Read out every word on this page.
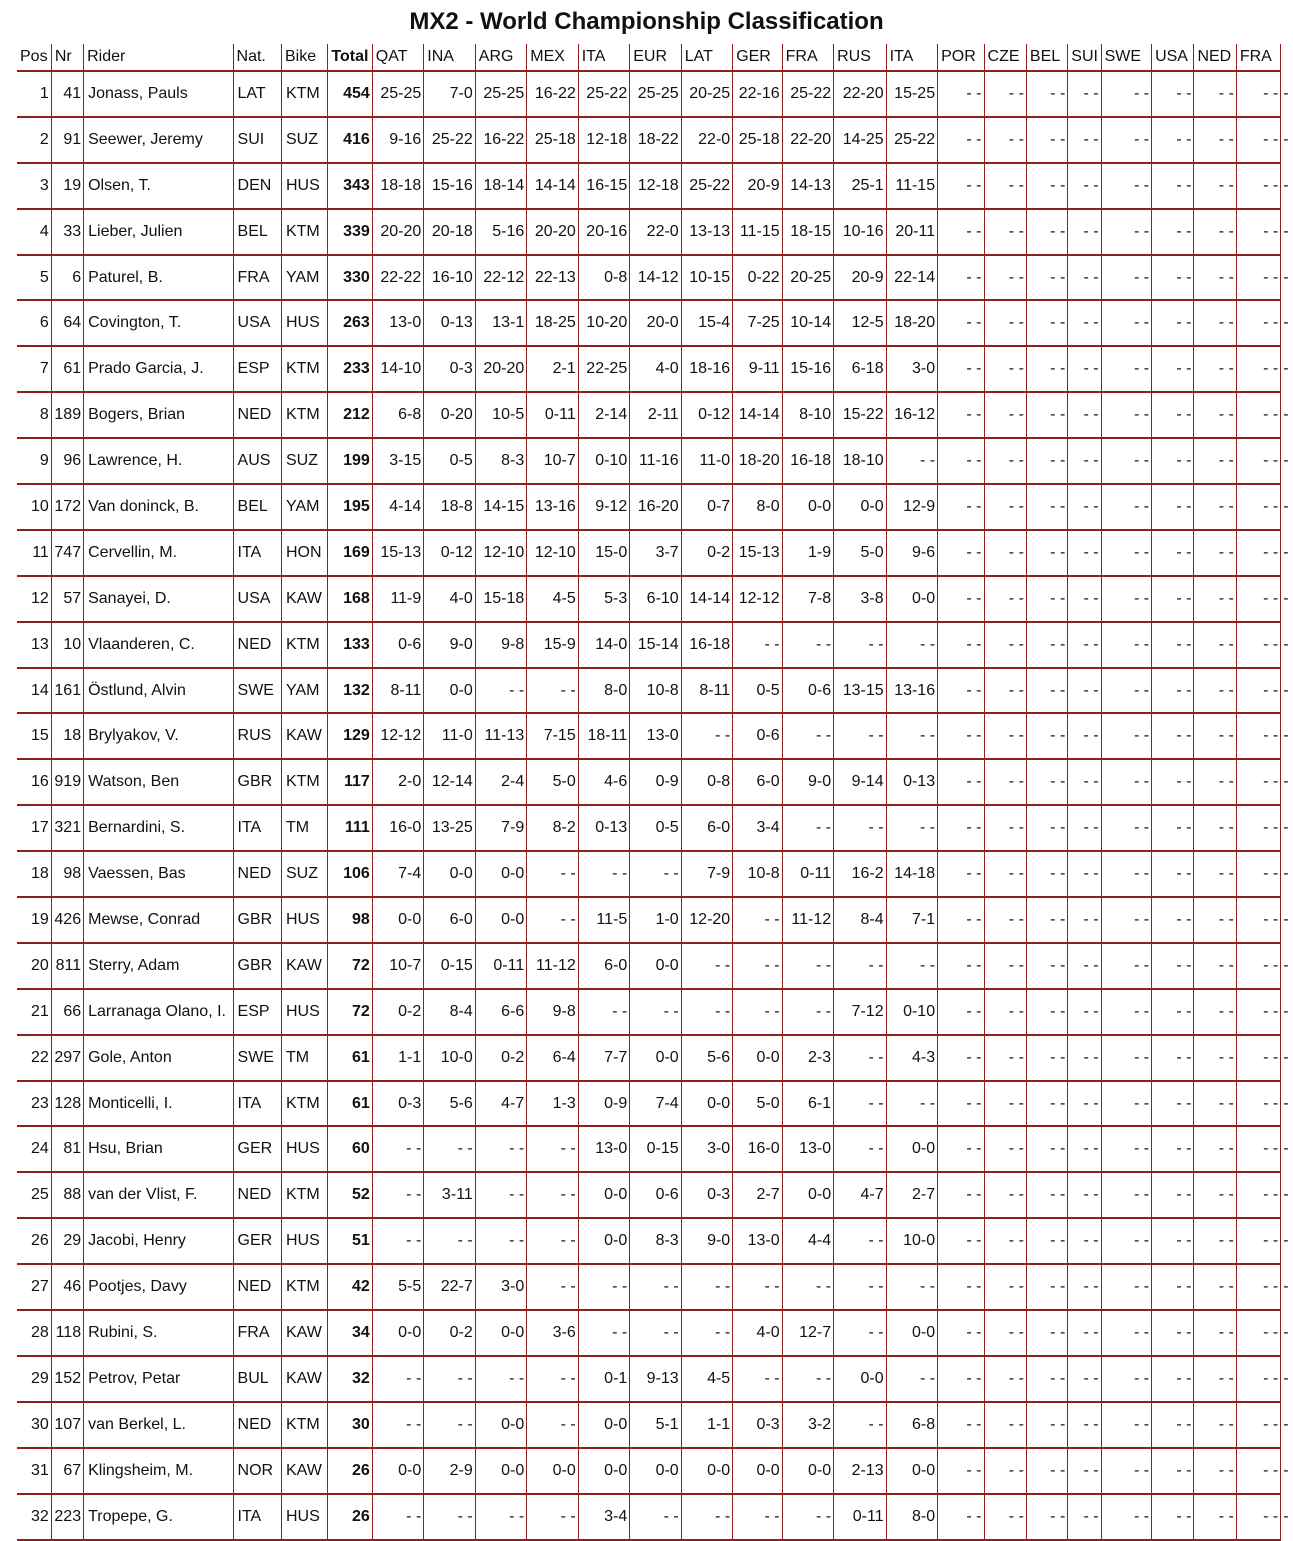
MX2 - World Championship Classification
Pos	Nr	Rider	Nat.	Bike	Total	QAT	INA	ARG	MEX	ITA	EUR	LAT	GER	FRA	RUS	ITA	POR	CZE	BEL	SUI	SWE	USA	NED	FRA	
1	41	Jonass, Pauls	LAT	KTM	454	25-25	7-0	25-25	16-22	25-22	25-25	20-25	22-16	25-22	22-20	15-25	- -	- -	- -	- -	- -	- -	- -	- -	-
2	91	Seewer, Jeremy	SUI	SUZ	416	9-16	25-22	16-22	25-18	12-18	18-22	22-0	25-18	22-20	14-25	25-22	- -	- -	- -	- -	- -	- -	- -	- -	-
3	19	Olsen, T.	DEN	HUS	343	18-18	15-16	18-14	14-14	16-15	12-18	25-22	20-9	14-13	25-1	11-15	- -	- -	- -	- -	- -	- -	- -	- -	-
4	33	Lieber, Julien	BEL	KTM	339	20-20	20-18	5-16	20-20	20-16	22-0	13-13	11-15	18-15	10-16	20-11	- -	- -	- -	- -	- -	- -	- -	- -	-
5	6	Paturel, B.	FRA	YAM	330	22-22	16-10	22-12	22-13	0-8	14-12	10-15	0-22	20-25	20-9	22-14	- -	- -	- -	- -	- -	- -	- -	- -	-
6	64	Covington, T.	USA	HUS	263	13-0	0-13	13-1	18-25	10-20	20-0	15-4	7-25	10-14	12-5	18-20	- -	- -	- -	- -	- -	- -	- -	- -	-
7	61	Prado Garcia, J.	ESP	KTM	233	14-10	0-3	20-20	2-1	22-25	4-0	18-16	9-11	15-16	6-18	3-0	- -	- -	- -	- -	- -	- -	- -	- -	-
8	189	Bogers, Brian	NED	KTM	212	6-8	0-20	10-5	0-11	2-14	2-11	0-12	14-14	8-10	15-22	16-12	- -	- -	- -	- -	- -	- -	- -	- -	-
9	96	Lawrence, H.	AUS	SUZ	199	3-15	0-5	8-3	10-7	0-10	11-16	11-0	18-20	16-18	18-10	- -	- -	- -	- -	- -	- -	- -	- -	- -	-
10	172	Van doninck, B.	BEL	YAM	195	4-14	18-8	14-15	13-16	9-12	16-20	0-7	8-0	0-0	0-0	12-9	- -	- -	- -	- -	- -	- -	- -	- -	-
11	747	Cervellin, M.	ITA	HON	169	15-13	0-12	12-10	12-10	15-0	3-7	0-2	15-13	1-9	5-0	9-6	- -	- -	- -	- -	- -	- -	- -	- -	-
12	57	Sanayei, D.	USA	KAW	168	11-9	4-0	15-18	4-5	5-3	6-10	14-14	12-12	7-8	3-8	0-0	- -	- -	- -	- -	- -	- -	- -	- -	-
13	10	Vlaanderen, C.	NED	KTM	133	0-6	9-0	9-8	15-9	14-0	15-14	16-18	- -	- -	- -	- -	- -	- -	- -	- -	- -	- -	- -	- -	-
14	161	Östlund, Alvin	SWE	YAM	132	8-11	0-0	- -	- -	8-0	10-8	8-11	0-5	0-6	13-15	13-16	- -	- -	- -	- -	- -	- -	- -	- -	-
15	18	Brylyakov, V.	RUS	KAW	129	12-12	11-0	11-13	7-15	18-11	13-0	- -	0-6	- -	- -	- -	- -	- -	- -	- -	- -	- -	- -	- -	-
16	919	Watson, Ben	GBR	KTM	117	2-0	12-14	2-4	5-0	4-6	0-9	0-8	6-0	9-0	9-14	0-13	- -	- -	- -	- -	- -	- -	- -	- -	-
17	321	Bernardini, S.	ITA	TM	111	16-0	13-25	7-9	8-2	0-13	0-5	6-0	3-4	- -	- -	- -	- -	- -	- -	- -	- -	- -	- -	- -	-
18	98	Vaessen, Bas	NED	SUZ	106	7-4	0-0	0-0	- -	- -	- -	7-9	10-8	0-11	16-2	14-18	- -	- -	- -	- -	- -	- -	- -	- -	-
19	426	Mewse, Conrad	GBR	HUS	98	0-0	6-0	0-0	- -	11-5	1-0	12-20	- -	11-12	8-4	7-1	- -	- -	- -	- -	- -	- -	- -	- -	-
20	811	Sterry, Adam	GBR	KAW	72	10-7	0-15	0-11	11-12	6-0	0-0	- -	- -	- -	- -	- -	- -	- -	- -	- -	- -	- -	- -	- -	-
21	66	Larranaga Olano, I.	ESP	HUS	72	0-2	8-4	6-6	9-8	- -	- -	- -	- -	- -	7-12	0-10	- -	- -	- -	- -	- -	- -	- -	- -	-
22	297	Gole, Anton	SWE	TM	61	1-1	10-0	0-2	6-4	7-7	0-0	5-6	0-0	2-3	- -	4-3	- -	- -	- -	- -	- -	- -	- -	- -	-
23	128	Monticelli, I.	ITA	KTM	61	0-3	5-6	4-7	1-3	0-9	7-4	0-0	5-0	6-1	- -	- -	- -	- -	- -	- -	- -	- -	- -	- -	-
24	81	Hsu, Brian	GER	HUS	60	- -	- -	- -	- -	13-0	0-15	3-0	16-0	13-0	- -	0-0	- -	- -	- -	- -	- -	- -	- -	- -	-
25	88	van der Vlist, F.	NED	KTM	52	- -	3-11	- -	- -	0-0	0-6	0-3	2-7	0-0	4-7	2-7	- -	- -	- -	- -	- -	- -	- -	- -	-
26	29	Jacobi, Henry	GER	HUS	51	- -	- -	- -	- -	0-0	8-3	9-0	13-0	4-4	- -	10-0	- -	- -	- -	- -	- -	- -	- -	- -	-
27	46	Pootjes, Davy	NED	KTM	42	5-5	22-7	3-0	- -	- -	- -	- -	- -	- -	- -	- -	- -	- -	- -	- -	- -	- -	- -	- -	-
28	118	Rubini, S.	FRA	KAW	34	0-0	0-2	0-0	3-6	- -	- -	- -	4-0	12-7	- -	0-0	- -	- -	- -	- -	- -	- -	- -	- -	-
29	152	Petrov, Petar	BUL	KAW	32	- -	- -	- -	- -	0-1	9-13	4-5	- -	- -	0-0	- -	- -	- -	- -	- -	- -	- -	- -	- -	-
30	107	van Berkel, L.	NED	KTM	30	- -	- -	0-0	- -	0-0	5-1	1-1	0-3	3-2	- -	6-8	- -	- -	- -	- -	- -	- -	- -	- -	-
31	67	Klingsheim, M.	NOR	KAW	26	0-0	2-9	0-0	0-0	0-0	0-0	0-0	0-0	0-0	2-13	0-0	- -	- -	- -	- -	- -	- -	- -	- -	-
32	223	Tropepe, G.	ITA	HUS	26	- -	- -	- -	- -	3-4	- -	- -	- -	- -	0-11	8-0	- -	- -	- -	- -	- -	- -	- -	- -	-
